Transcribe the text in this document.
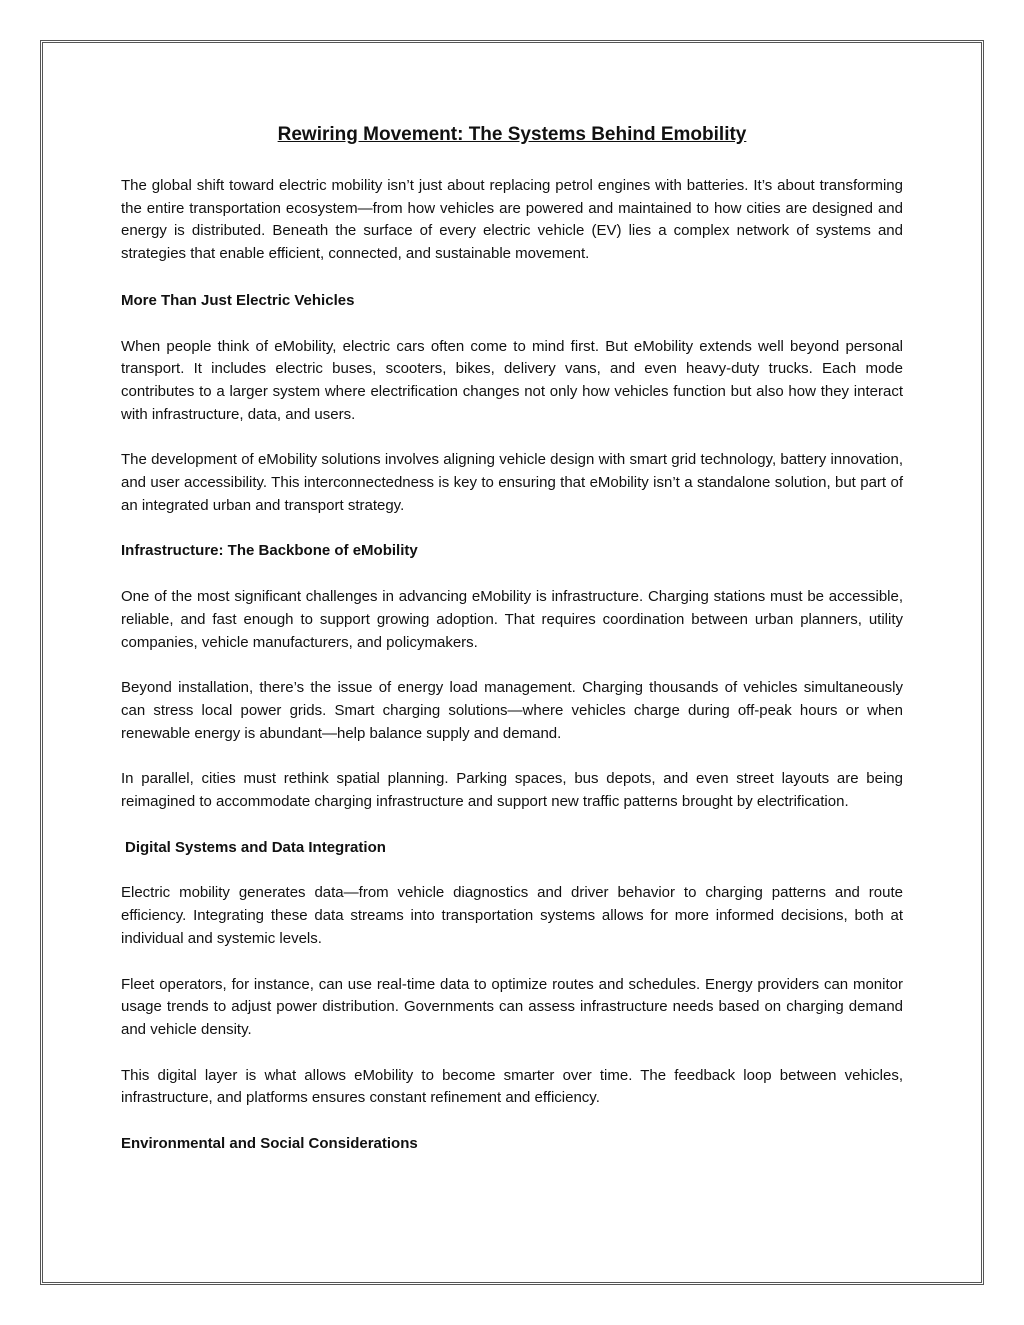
Rewiring Movement: The Systems Behind Emobility

The global shift toward electric mobility isn’t just about replacing petrol engines with batteries. It’s about transforming the entire transportation ecosystem—from how vehicles are powered and maintained to how cities are designed and energy is distributed. Beneath the surface of every electric vehicle (EV) lies a complex network of systems and strategies that enable efficient, connected, and sustainable movement.

More Than Just Electric Vehicles

When people think of eMobility, electric cars often come to mind first. But eMobility extends well beyond personal transport. It includes electric buses, scooters, bikes, delivery vans, and even heavy-duty trucks. Each mode contributes to a larger system where electrification changes not only how vehicles function but also how they interact with infrastructure, data, and users.

The development of eMobility solutions involves aligning vehicle design with smart grid technology, battery innovation, and user accessibility. This interconnectedness is key to ensuring that eMobility isn’t a standalone solution, but part of an integrated urban and transport strategy.

Infrastructure: The Backbone of eMobility

One of the most significant challenges in advancing eMobility is infrastructure. Charging stations must be accessible, reliable, and fast enough to support growing adoption. That requires coordination between urban planners, utility companies, vehicle manufacturers, and policymakers.

Beyond installation, there’s the issue of energy load management. Charging thousands of vehicles simultaneously can stress local power grids. Smart charging solutions—where vehicles charge during off-peak hours or when renewable energy is abundant—help balance supply and demand.

In parallel, cities must rethink spatial planning. Parking spaces, bus depots, and even street layouts are being reimagined to accommodate charging infrastructure and support new traffic patterns brought by electrification.

Digital Systems and Data Integration

Electric mobility generates data—from vehicle diagnostics and driver behavior to charging patterns and route efficiency. Integrating these data streams into transportation systems allows for more informed decisions, both at individual and systemic levels.

Fleet operators, for instance, can use real-time data to optimize routes and schedules. Energy providers can monitor usage trends to adjust power distribution. Governments can assess infrastructure needs based on charging demand and vehicle density.

This digital layer is what allows eMobility to become smarter over time. The feedback loop between vehicles, infrastructure, and platforms ensures constant refinement and efficiency.

Environmental and Social Considerations
